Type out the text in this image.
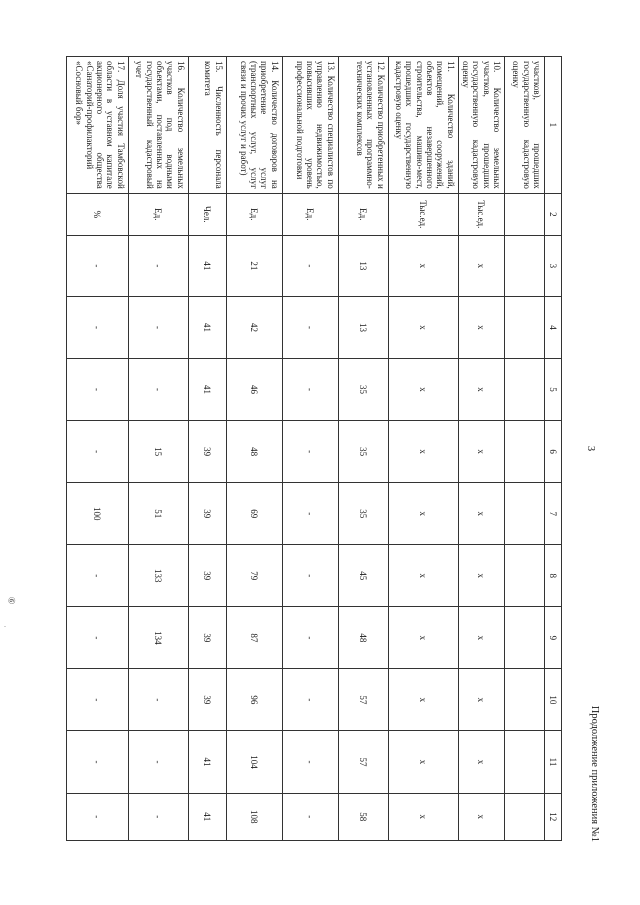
3
Продолжение приложения №1
1	2	3	4	5	6	7	8	9	10	11	12
участков), прошедших государственную кадастровую оценку											
10. Количество земельных участков, прошедших государственную кадастровую оценку	Тыс.ед.	x	x	x	x	x	x	x	x	x	x
11. Количество зданий, помещений, сооружений, объектов незавершенного строительства, машино-мест, прошедших государственную кадастровую оценку	Тыс.ед.	x	x	x	x	x	x	x	x	x	x
12. Количество приобретенных и установленных программно-технических комплексов	Ед.	13	13	35	35	35	45	48	57	57	58
13. Количество специалистов по управлению недвижимостью, повысивших уровень профессиональной подготовки	Ед.	-	-	-	-	-	-	-	-	-	-
14. Количество договоров на приобретение услуг (транспортных услуг, услуг связи и прочих услуг и работ)	Ед.	21	42	46	48	69	79	87	96	104	108
15. Численность персонала комитета	Чел.	41	41	41	39	39	39	39	39	41	41
16. Количество земельных участков под водными объектами, поставленных на государственный кадастровый учет	Ед.	-	-	-	15	51	133	134	-	-	-
17. Доля участия Тамбовской области в уставном капитале акционерного общества «Санаторий-профилакторий «Сосновый бор»	%	-	-	-	-	100	-	-	-	-	-
⑥
.
